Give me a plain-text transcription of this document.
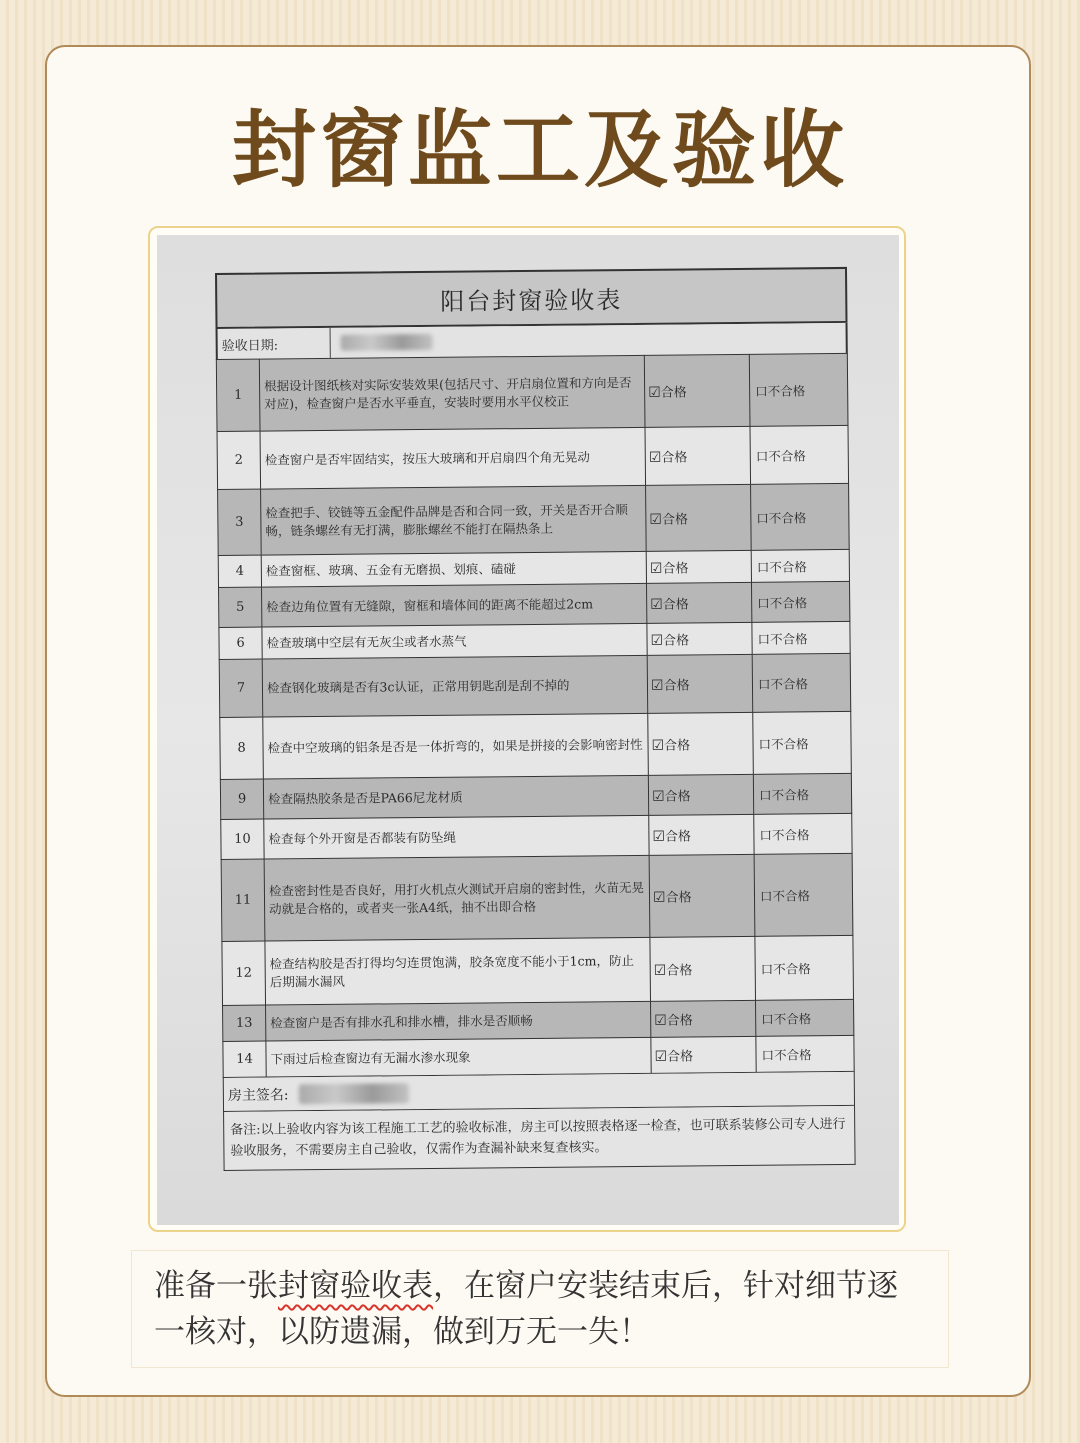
封窗监工及验收
阳台封窗验收表
验收日期:
1	根据设计图纸核对实际安装效果(包括尺寸、开启扇位置和方向是否对应)，检查窗户是否水平垂直，安装时要用水平仪校正	☑合格	口不合格
2	检查窗户是否牢固结实，按压大玻璃和开启扇四个角无晃动	☑合格	口不合格
3	检查把手、铰链等五金配件品牌是否和合同一致，开关是否开合顺畅，链条螺丝有无打满，膨胀螺丝不能打在隔热条上	☑合格	口不合格
4	检查窗框、玻璃、五金有无磨损、划痕、磕碰	☑合格	口不合格
5	检查边角位置有无缝隙，窗框和墙体间的距离不能超过2cm	☑合格	口不合格
6	检查玻璃中空层有无灰尘或者水蒸气	☑合格	口不合格
7	检查钢化玻璃是否有3c认证，正常用钥匙刮是刮不掉的	☑合格	口不合格
8	检查中空玻璃的铝条是否是一体折弯的，如果是拼接的会影响密封性	☑合格	口不合格
9	检查隔热胶条是否是PA66尼龙材质	☑合格	口不合格
10	检查每个外开窗是否都装有防坠绳	☑合格	口不合格
11	检查密封性是否良好，用打火机点火测试开启扇的密封性，火苗无晃动就是合格的，或者夹一张A4纸，抽不出即合格	☑合格	口不合格
12	检查结构胶是否打得均匀连贯饱满，胶条宽度不能小于1cm，防止后期漏水漏风	☑合格	口不合格
13	检查窗户是否有排水孔和排水槽，排水是否顺畅	☑合格	口不合格
14	下雨过后检查窗边有无漏水渗水现象	☑合格	口不合格
房主签名:
备注:以上验收内容为该工程施工工艺的验收标准，房主可以按照表格逐一检查，也可联系装修公司专人进行验收服务，不需要房主自己验收，仅需作为查漏补缺来复查核实。
准备一张封窗验收表，在窗户安装结束后，针对细节逐一核对，以防遗漏，做到万无一失！
